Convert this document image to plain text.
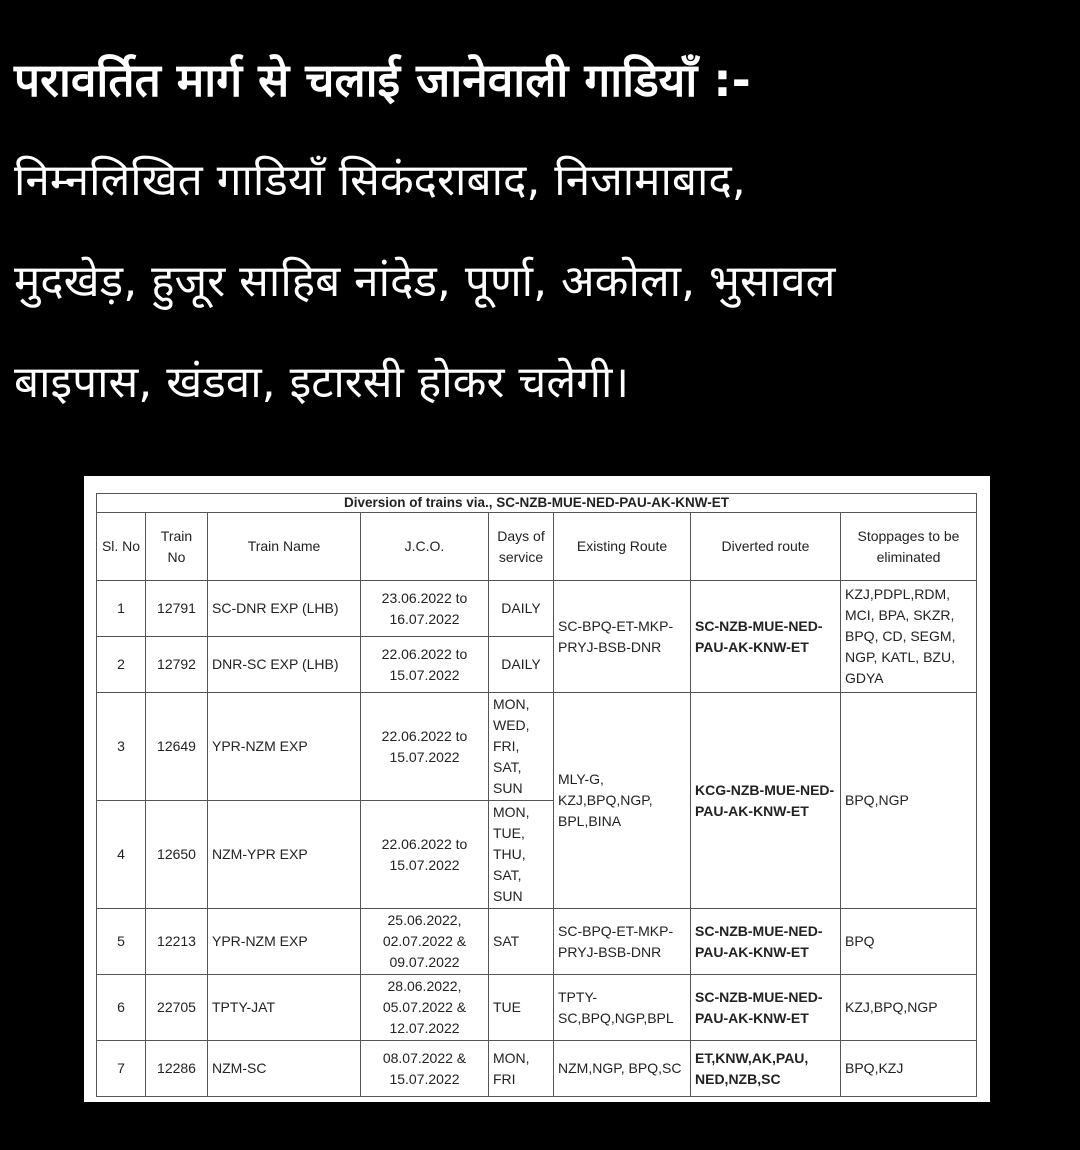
परावर्तित मार्ग से चलाई जानेवाली गाडियाँ :-
निम्नलिखित गाडियाँ सिकंदराबाद, निजामाबाद,
मुदखेड़, हुजूर साहिब नांदेड, पूर्णा, अकोला, भुसावल
बाइपास, खंडवा, इटारसी होकर चलेगी।
Diversion of trains via., SC-NZB-MUE-NED-PAU-AK-KNW-ET							
Sl. No	Train No	Train Name	J.C.O.	Days of service	Existing Route	Diverted route	Stoppages to be eliminated
1	12791	SC-DNR EXP (LHB)	23.06.2022 to 16.07.2022	DAILY	SC-BPQ-ET-MKP-PRYJ-BSB-DNR	SC-NZB-MUE-NED-PAU-AK-KNW-ET	KZJ,PDPL,RDM, MCI, BPA, SKZR, BPQ, CD, SEGM, NGP, KATL, BZU, GDYA
2	12792	DNR-SC EXP (LHB)	22.06.2022 to 15.07.2022	DAILY			
3	12649	YPR-NZM EXP	22.06.2022 to 15.07.2022	MON, WED, FRI, SAT, SUN	MLY-G, KZJ,BPQ,NGP, BPL,BINA	KCG-NZB-MUE-NED-PAU-AK-KNW-ET	BPQ,NGP
4	12650	NZM-YPR EXP	22.06.2022 to 15.07.2022	MON, TUE, THU, SAT, SUN			
5	12213	YPR-NZM EXP	25.06.2022, 02.07.2022 & 09.07.2022	SAT	SC-BPQ-ET-MKP-PRYJ-BSB-DNR	SC-NZB-MUE-NED-PAU-AK-KNW-ET	BPQ
6	22705	TPTY-JAT	28.06.2022, 05.07.2022 & 12.07.2022	TUE	TPTY-SC,BPQ,NGP,BPL	SC-NZB-MUE-NED-PAU-AK-KNW-ET	KZJ,BPQ,NGP
7	12286	NZM-SC	08.07.2022 & 15.07.2022	MON, FRI	NZM,NGP, BPQ,SC	ET,KNW,AK,PAU, NED,NZB,SC	BPQ,KZJ
